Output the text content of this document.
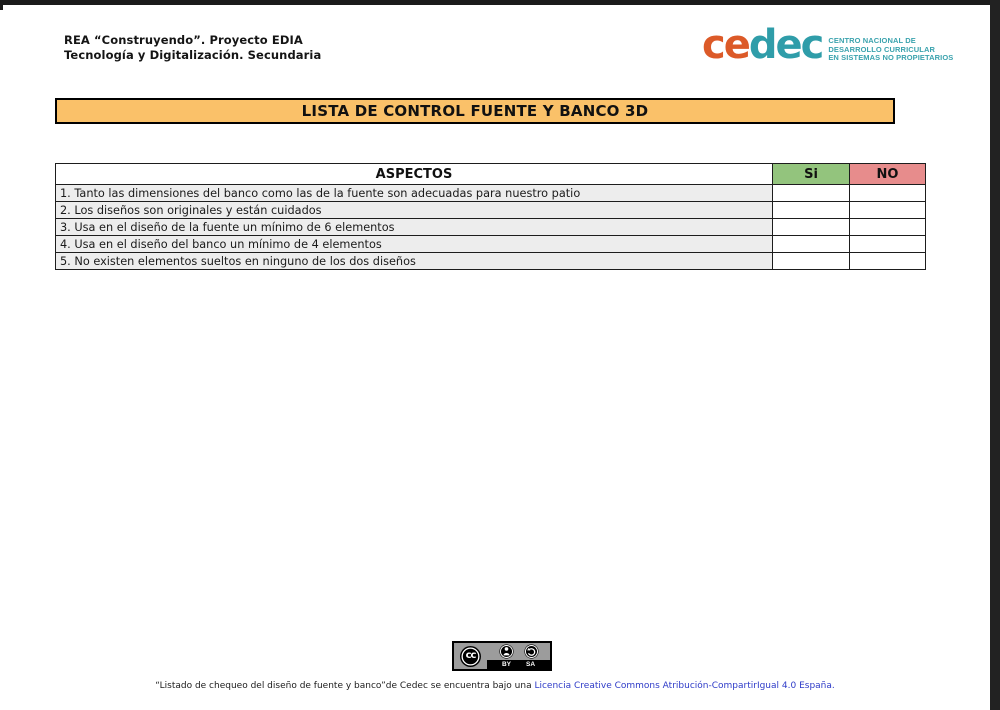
REA “Construyendo”. Proyecto EDIA
Tecnología y Digitalización. Secundaria	cedec CENTRO NACIONAL DE
DESARROLLO CURRICULAR
EN SISTEMAS NO PROPIETARIOS
LISTA DE CONTROL FUENTE Y BANCO 3D
ASPECTOS	Si	NO
1. Tanto las dimensiones del banco como las de la fuente son adecuadas para nuestro patio		
2. Los diseños son originales y están cuidados		
3. Usa en el diseño de la fuente un mínimo de 6 elementos		
4. Usa en el diseño del banco un mínimo de 4 elementos		
5. No existen elementos sueltos en ninguno de los dos diseños		
cc
BY SA
“Listado de chequeo del diseño de fuente y banco”de Cedec se encuentra bajo una Licencia Creative Commons Atribución-CompartirIgual 4.0 España.
